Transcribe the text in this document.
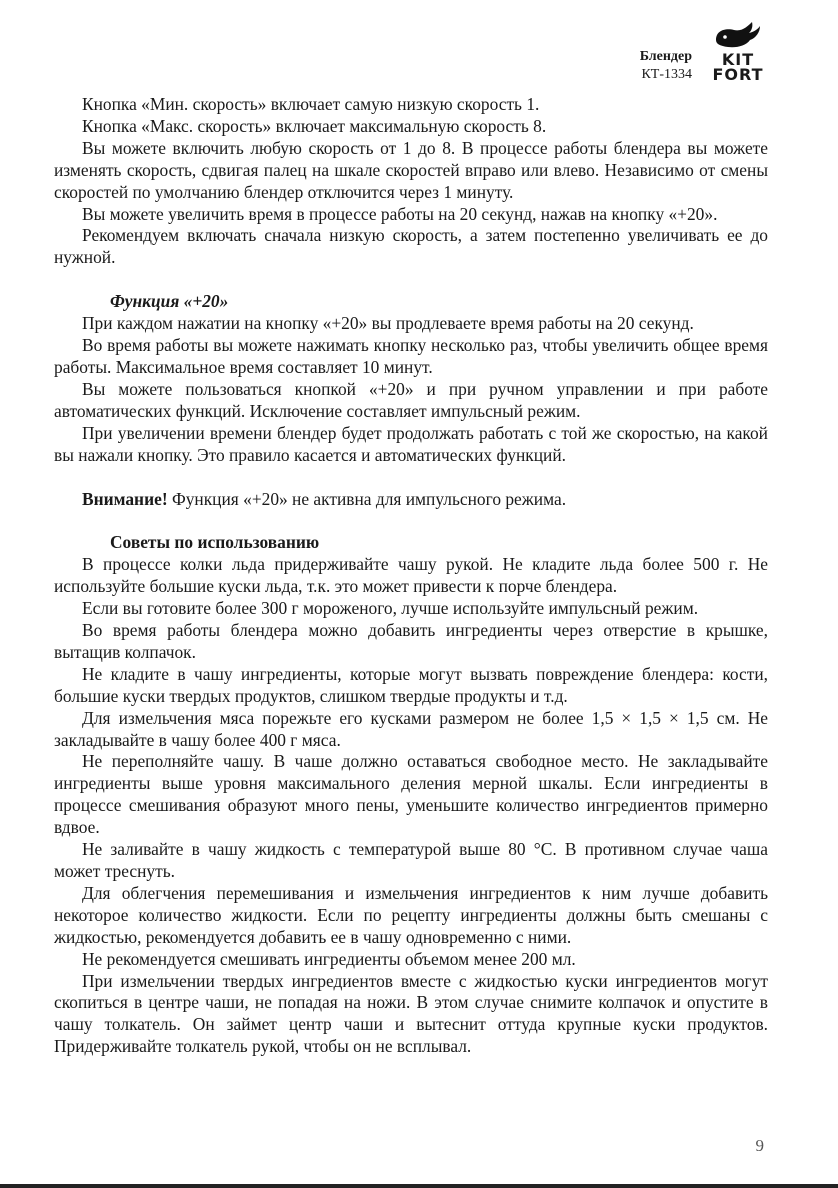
Блендер
КТ-1334
KIT
FORT

Кнопка «Мин. скорость» включает самую низкую скорость 1.

Кнопка «Макс. скорость» включает максимальную скорость 8.

Вы можете включить любую скорость от 1 до 8. В процессе работы блендера вы можете изменять скорость, сдвигая палец на шкале скоростей вправо или влево. Независимо от смены скоростей по умолчанию блендер отключится через 1 минуту.

Вы можете увеличить время в процессе работы на 20 секунд, нажав на кнопку «+20».

Рекомендуем включать сначала низкую скорость, а затем постепенно увеличивать ее до нужной.

Функция «+20»

При каждом нажатии на кнопку «+20» вы продлеваете время работы на 20 секунд.

Во время работы вы можете нажимать кнопку несколько раз, чтобы увеличить общее время работы. Максимальное время составляет 10 минут.

Вы можете пользоваться кнопкой «+20» и при ручном управлении и при работе автоматических функций. Исключение составляет импульсный режим.

При увеличении времени блендер будет продолжать работать с той же скоростью, на какой вы нажали кнопку. Это правило касается и автоматических функций.

Внимание! Функция «+20» не активна для импульсного режима.

Советы по использованию

В процессе колки льда придерживайте чашу рукой. Не кладите льда более 500 г. Не используйте большие куски льда, т.к. это может привести к порче блендера.

Если вы готовите более 300 г мороженого, лучше используйте импульсный режим.

Во время работы блендера можно добавить ингредиенты через отверстие в крышке, вытащив колпачок.

Не кладите в чашу ингредиенты, которые могут вызвать повреждение блендера: кости, большие куски твердых продуктов, слишком твердые продукты и т.д.

Для измельчения мяса порежьте его кусками размером не более 1,5 × 1,5 × 1,5 см. Не закладывайте в чашу более 400 г мяса.

Не переполняйте чашу. В чаше должно оставаться свободное место. Не закладывайте ингредиенты выше уровня максимального деления мерной шкалы. Если ингредиенты в процессе смешивания образуют много пены, уменьшите количество ингредиентов примерно вдвое.

Не заливайте в чашу жидкость с температурой выше 80 °C. В противном случае чаша может треснуть.

Для облегчения перемешивания и измельчения ингредиентов к ним лучше добавить некоторое количество жидкости. Если по рецепту ингредиенты должны быть смешаны с жидкостью, рекомендуется добавить ее в чашу одновременно с ними.

Не рекомендуется смешивать ингредиенты объемом менее 200 мл.

При измельчении твердых ингредиентов вместе с жидкостью куски ингредиентов могут скопиться в центре чаши, не попадая на ножи. В этом случае снимите колпачок и опустите в чашу толкатель. Он займет центр чаши и вытеснит оттуда крупные куски продуктов. Придерживайте толкатель рукой, чтобы он не всплывал.

9
